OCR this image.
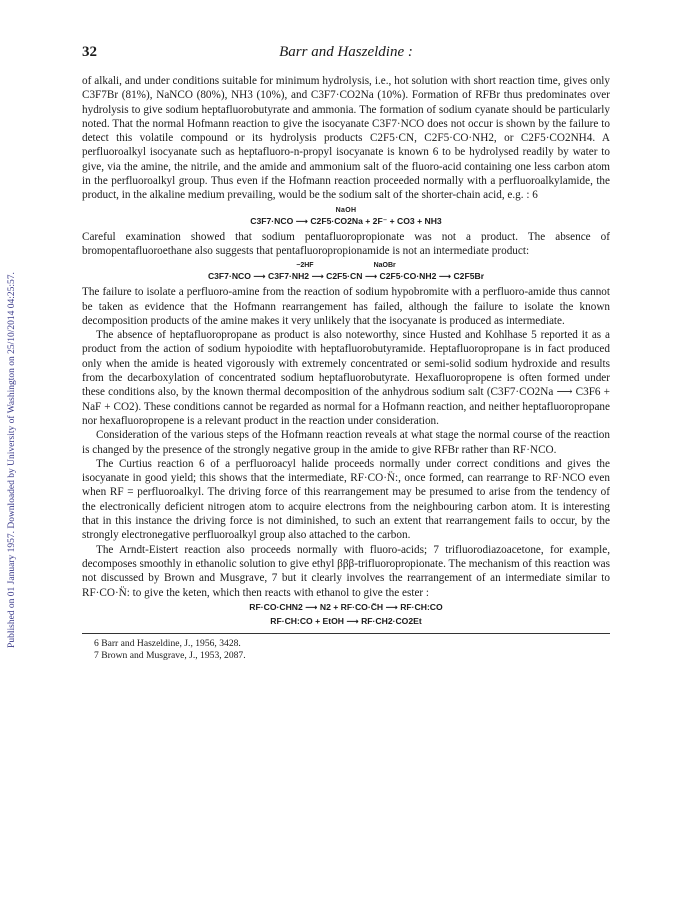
Published on 01 January 1957. Downloaded by University of Washington on 25/10/2014 04:25:57.
32	Barr and Haszeldine :

of alkali, and under conditions suitable for minimum hydrolysis, i.e., hot solution with short reaction time, gives only C3F7Br (81%), NaNCO (80%), NH3 (10%), and C3F7·CO2Na (10%). Formation of RFBr thus predominates over hydrolysis to give sodium heptafluorobutyrate and ammonia. The formation of sodium cyanate should be particularly noted. That the normal Hofmann reaction to give the isocyanate C3F7·NCO does not occur is shown by the failure to detect this volatile compound or its hydrolysis products C2F5·CN, C2F5·CO·NH2, or C2F5·CO2NH4. A perfluoroalkyl isocyanate such as heptafluoro-n-propyl isocyanate is known 6 to be hydrolysed readily by water to give, via the amine, the nitrile, and the amide and ammonium salt of the fluoro-acid containing one less carbon atom in the perfluoroalkyl group. Thus even if the Hofmann reaction proceeded normally with a perfluoroalkylamide, the product, in the alkaline medium prevailing, would be the sodium salt of the shorter-chain acid, e.g. : 6

NaOH
C3F7·NCO ⟶ C2F5·CO2Na + 2F⁻ + CO3 + NH3

Careful examination showed that sodium pentafluoropropionate was not a product. The absence of bromopentafluoroethane also suggests that pentafluoropropionamide is not an intermediate product:

−2HF	NaOBr
C3F7·NCO ⟶ C3F7·NH2 ⟶ C2F5·CN ⟶ C2F5·CO·NH2 ⟶ C2F5Br

The failure to isolate a perfluoro-amine from the reaction of sodium hypobromite with a perfluoro-amide thus cannot be taken as evidence that the Hofmann rearrangement has failed, although the failure to isolate the known decomposition products of the amine makes it very unlikely that the isocyanate is produced as intermediate.

The absence of heptafluoropropane as product is also noteworthy, since Husted and Kohlhase 5 reported it as a product from the action of sodium hypoiodite with heptafluorobutyramide. Heptafluoropropane is in fact produced only when the amide is heated vigorously with extremely concentrated or semi-solid sodium hydroxide and results from the decarboxylation of concentrated sodium heptafluorobutyrate. Hexafluoropropene is often formed under these conditions also, by the known thermal decomposition of the anhydrous sodium salt (C3F7·CO2Na ⟶ C3F6 + NaF + CO2). These conditions cannot be regarded as normal for a Hofmann reaction, and neither heptafluoropropane nor hexafluoropropene is a relevant product in the reaction under consideration.

Consideration of the various steps of the Hofmann reaction reveals at what stage the normal course of the reaction is changed by the presence of the strongly negative group in the amide to give RFBr rather than RF·NCO.

The Curtius reaction 6 of a perfluoroacyl halide proceeds normally under correct conditions and gives the isocyanate in good yield; this shows that the intermediate, RF·CO·N̈:, once formed, can rearrange to RF·NCO even when RF = perfluoroalkyl. The driving force of this rearrangement may be presumed to arise from the tendency of the electronically deficient nitrogen atom to acquire electrons from the neighbouring carbon atom. It is interesting that in this instance the driving force is not diminished, to such an extent that rearrangement fails to occur, by the strongly electronegative perfluoroalkyl group also attached to the carbon.

The Arndt-Eistert reaction also proceeds normally with fluoro-acids; 7 trifluorodiazoacetone, for example, decomposes smoothly in ethanolic solution to give ethyl βββ-trifluoropropionate. The mechanism of this reaction was not discussed by Brown and Musgrave, 7 but it clearly involves the rearrangement of an intermediate similar to RF·CO·N̈: to give the keten, which then reacts with ethanol to give the ester :

RF·CO·CHN2 ⟶ N2 + RF·CO·C̈H ⟶ RF·CH:CO
RF·CH:CO + EtOH ⟶ RF·CH2·CO2Et

6 Barr and Haszeldine, J., 1956, 3428.

7 Brown and Musgrave, J., 1953, 2087.
